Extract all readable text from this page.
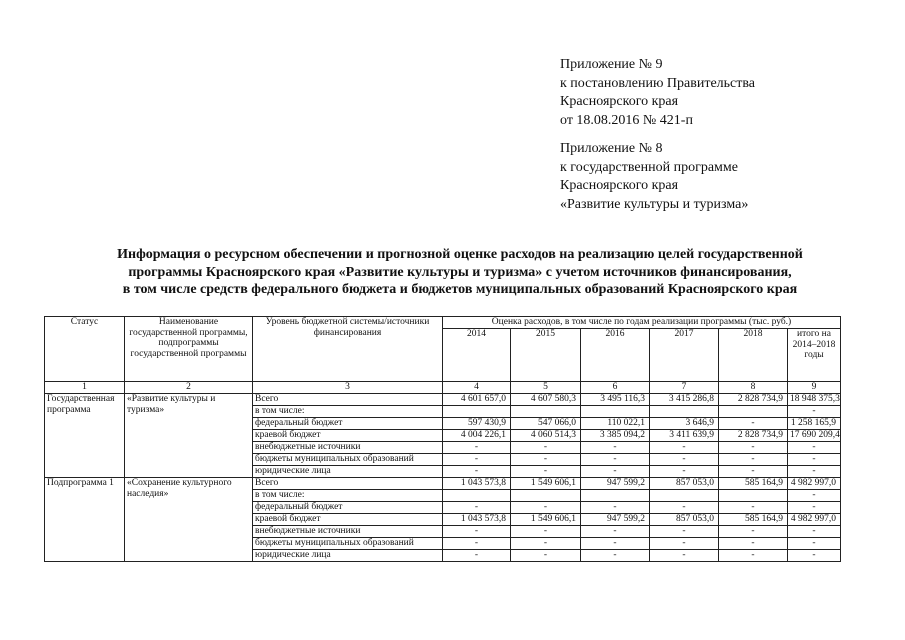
Приложение № 9
к постановлению Правительства
Красноярского края
от 18.08.2016 № 421-п
Приложение № 8
к государственной программе
Красноярского края
«Развитие культуры и туризма»
Информация о ресурсном обеспечении и прогнозной оценке расходов на реализацию целей государственной
программы Красноярского края «Развитие культуры и туризма» с учетом источников финансирования,
в том числе средств федерального бюджета и бюджетов муниципальных образований Красноярского края
Статус	Наименование государственной программы, подпрограммы государственной программы	Уровень бюджетной системы/источники финансирования	Оценка расходов, в том числе по годам реализации программы (тыс. руб.)					
			2014	2015	2016	2017	2018	итого на 2014–2018 годы
1	2	3	4	5	6	7	8	9
Государственная программа	«Развитие культуры и туризма»	Всего	4 601 657,0	4 607 580,3	3 495 116,3	3 415 286,8	2 828 734,9	18 948 375,3
		в том числе:						-
		федеральный бюджет	597 430,9	547 066,0	110 022,1	3 646,9	-	1 258 165,9
		краевой бюджет	4 004 226,1	4 060 514,3	3 385 094,2	3 411 639,9	2 828 734,9	17 690 209,4
		внебюджетные источники	-	-	-	-	-	-
		бюджеты муниципальных образований	-	-	-	-	-	-
		юридические лица	-	-	-	-	-	-
Подпрограмма 1	«Сохранение культурного наследия»	Всего	1 043 573,8	1 549 606,1	947 599,2	857 053,0	585 164,9	4 982 997,0
		в том числе:						-
		федеральный бюджет	-	-	-	-	-	-
		краевой бюджет	1 043 573,8	1 549 606,1	947 599,2	857 053,0	585 164,9	4 982 997,0
		внебюджетные источники	-	-	-	-	-	-
		бюджеты муниципальных образований	-	-	-	-	-	-
		юридические лица	-	-	-	-	-	-
